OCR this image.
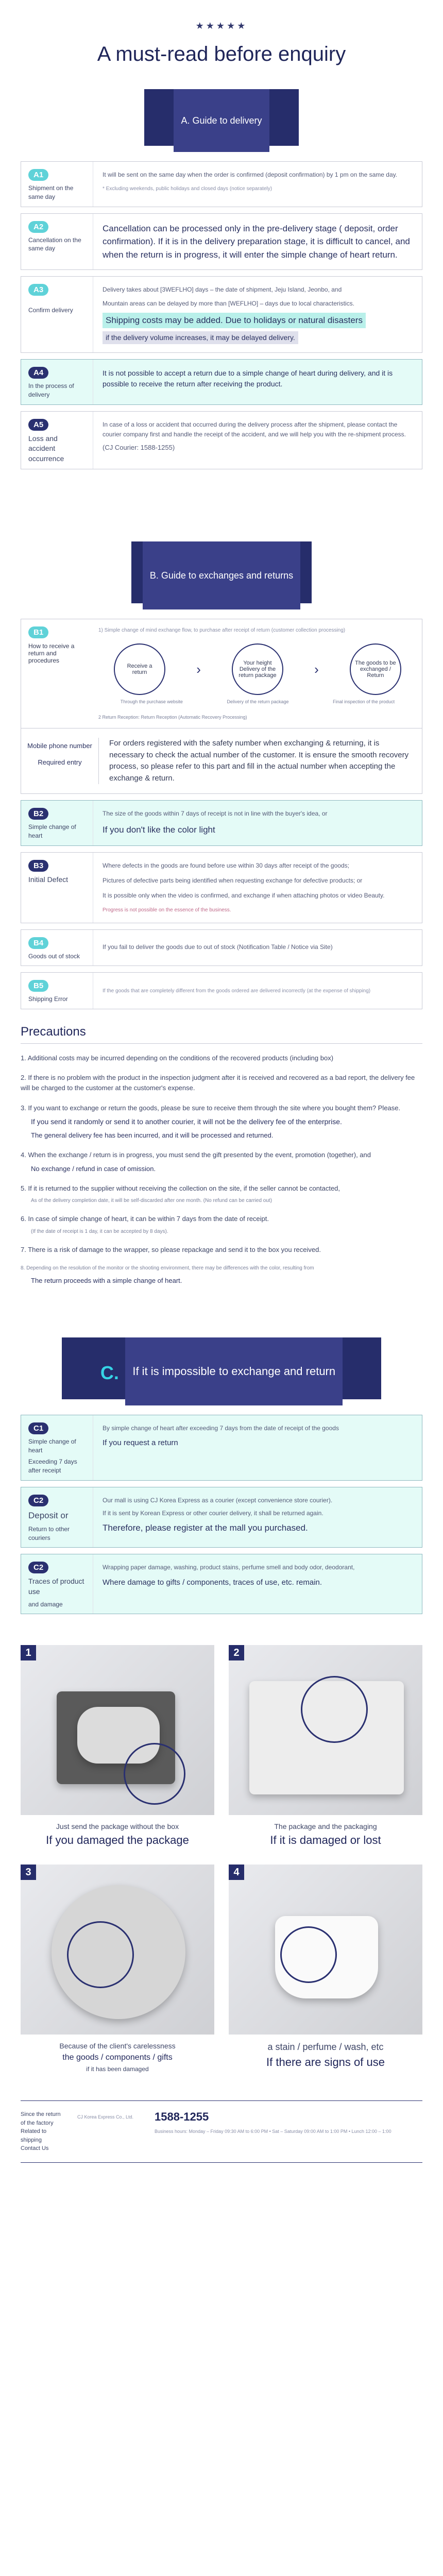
★★★★★
A must-read before enquiry
A. Guide to delivery
A1
Shipment on the same day
It will be sent on the same day when the order is confirmed (deposit confirmation) by 1 pm on the same day.
* Excluding weekends, public holidays and closed days (notice separately)
A2
Cancellation on the same day
Cancellation can be processed only in the pre-delivery stage ( deposit, order confirmation). If it is in the delivery preparation stage, it is difficult to cancel, and when the return is in progress, it will enter the simple change of heart return.
A3
Confirm delivery
Delivery takes about [3WEFLHO] days – the date of shipment, Jeju Island, Jeonbo, and
Mountain areas can be delayed by more than [WEFLHO] – days due to local characteristics.
Shipping costs may be added. Due to holidays or natural disasters
if the delivery volume increases, it may be delayed delivery.
A4
In the process of delivery
It is not possible to accept a return due to a simple change of heart during delivery, and it is possible to receive the return after receiving the product.
A5
Loss and accident occurrence
In case of a loss or accident that occurred during the delivery process after the shipment, please contact the courier company first and handle the receipt of the accident, and we will help you with the re-shipment process.
(CJ Courier: 1588-1255)
B. Guide to exchanges and returns
B1
How to receive a return and procedures
1) Simple change of mind exchange flow, to purchase after receipt of return (customer collection processing)
Receive a return	›	Your height Delivery of the return package	›	The goods to be exchanged / Return
Through the purchase website	Delivery of the return package	Final inspection of the product
2 Return Reception: Return Reception (Automatic Recovery Processing)
Mobile phone number
Required entry
For orders registered with the safety number when exchanging & returning, it is necessary to check the actual number of the customer. It is ensure the smooth recovery process, so please refer to this part and fill in the actual number when accepting the exchange & return.
B2
Simple change of heart
The size of the goods within 7 days of receipt is not in line with the buyer's idea, or
If you don't like the color light
B3
Initial Defect
Where defects in the goods are found before use within 30 days after receipt of the goods;
Pictures of defective parts being identified when requesting exchange for defective products; or
It is possible only when the video is confirmed, and exchange if when attaching photos or video Beauty.
Progress is not possible on the essence of the business.
B4
Goods out of stock
If you fail to deliver the goods due to out of stock (Notification Table / Notice via Site)
B5
Shipping Error
If the goods that are completely different from the goods ordered are delivered incorrectly (at the expense of shipping)
Precautions
1. Additional costs may be incurred depending on the conditions of the recovered products (including box)
2. If there is no problem with the product in the inspection judgment after it is received and recovered as a bad report, the delivery fee will be charged to the customer at the customer's expense.
3. If you want to exchange or return the goods, please be sure to receive them through the site where you bought them? Please.
If you send it randomly or send it to another courier, it will not be the delivery fee of the enterprise.
The general delivery fee has been incurred, and it will be processed and returned.
4. When the exchange / return is in progress, you must send the gift presented by the event, promotion (together), and
No exchange / refund in case of omission.
5. If it is returned to the supplier without receiving the collection on the site, if the seller cannot be contacted,
As of the delivery completion date, it will be self-discarded after one month. (No refund can be carried out)
6. In case of simple change of heart, it can be within 7 days from the date of receipt.
(If the date of receipt is 1 day, it can be accepted by 8 days).
7. There is a risk of damage to the wrapper, so please repackage and send it to the box you received.
8. Depending on the resolution of the monitor or the shooting environment, there may be differences with the color, resulting from
The return proceeds with a simple change of heart.
C. If it is impossible to exchange and return
C1
Simple change of heart
Exceeding 7 days after receipt
By simple change of heart after exceeding 7 days from the date of receipt of the goods
If you request a return
C2
Deposit or
Return to other couriers
Our mall is using CJ Korea Express as a courier (except convenience store courier).
If it is sent by Korean Express or other courier delivery, it shall be returned again.
Therefore, please register at the mall you purchased.
C2
Traces of product use
and damage
Wrapping paper damage, washing, product stains, perfume smell and body odor, deodorant,
Where damage to gifts / components, traces of use, etc. remain.
1
Just send the package without the box
If you damaged the package
2
The package and the packaging
If it is damaged or lost
3
Because of the client's carelessness
the goods / components / gifts
if it has been damaged
4
a stain / perfume / wash, etc
If there are signs of use
Since the return
of the factory
Related to
shipping
Contact Us
CJ Korea Express Co., Ltd.	1588-1255
Business hours: Monday – Friday 09:30 AM to 6:00 PM • Sat – Saturday 09:00 AM to 1:00 PM • Lunch 12:00 – 1:00
